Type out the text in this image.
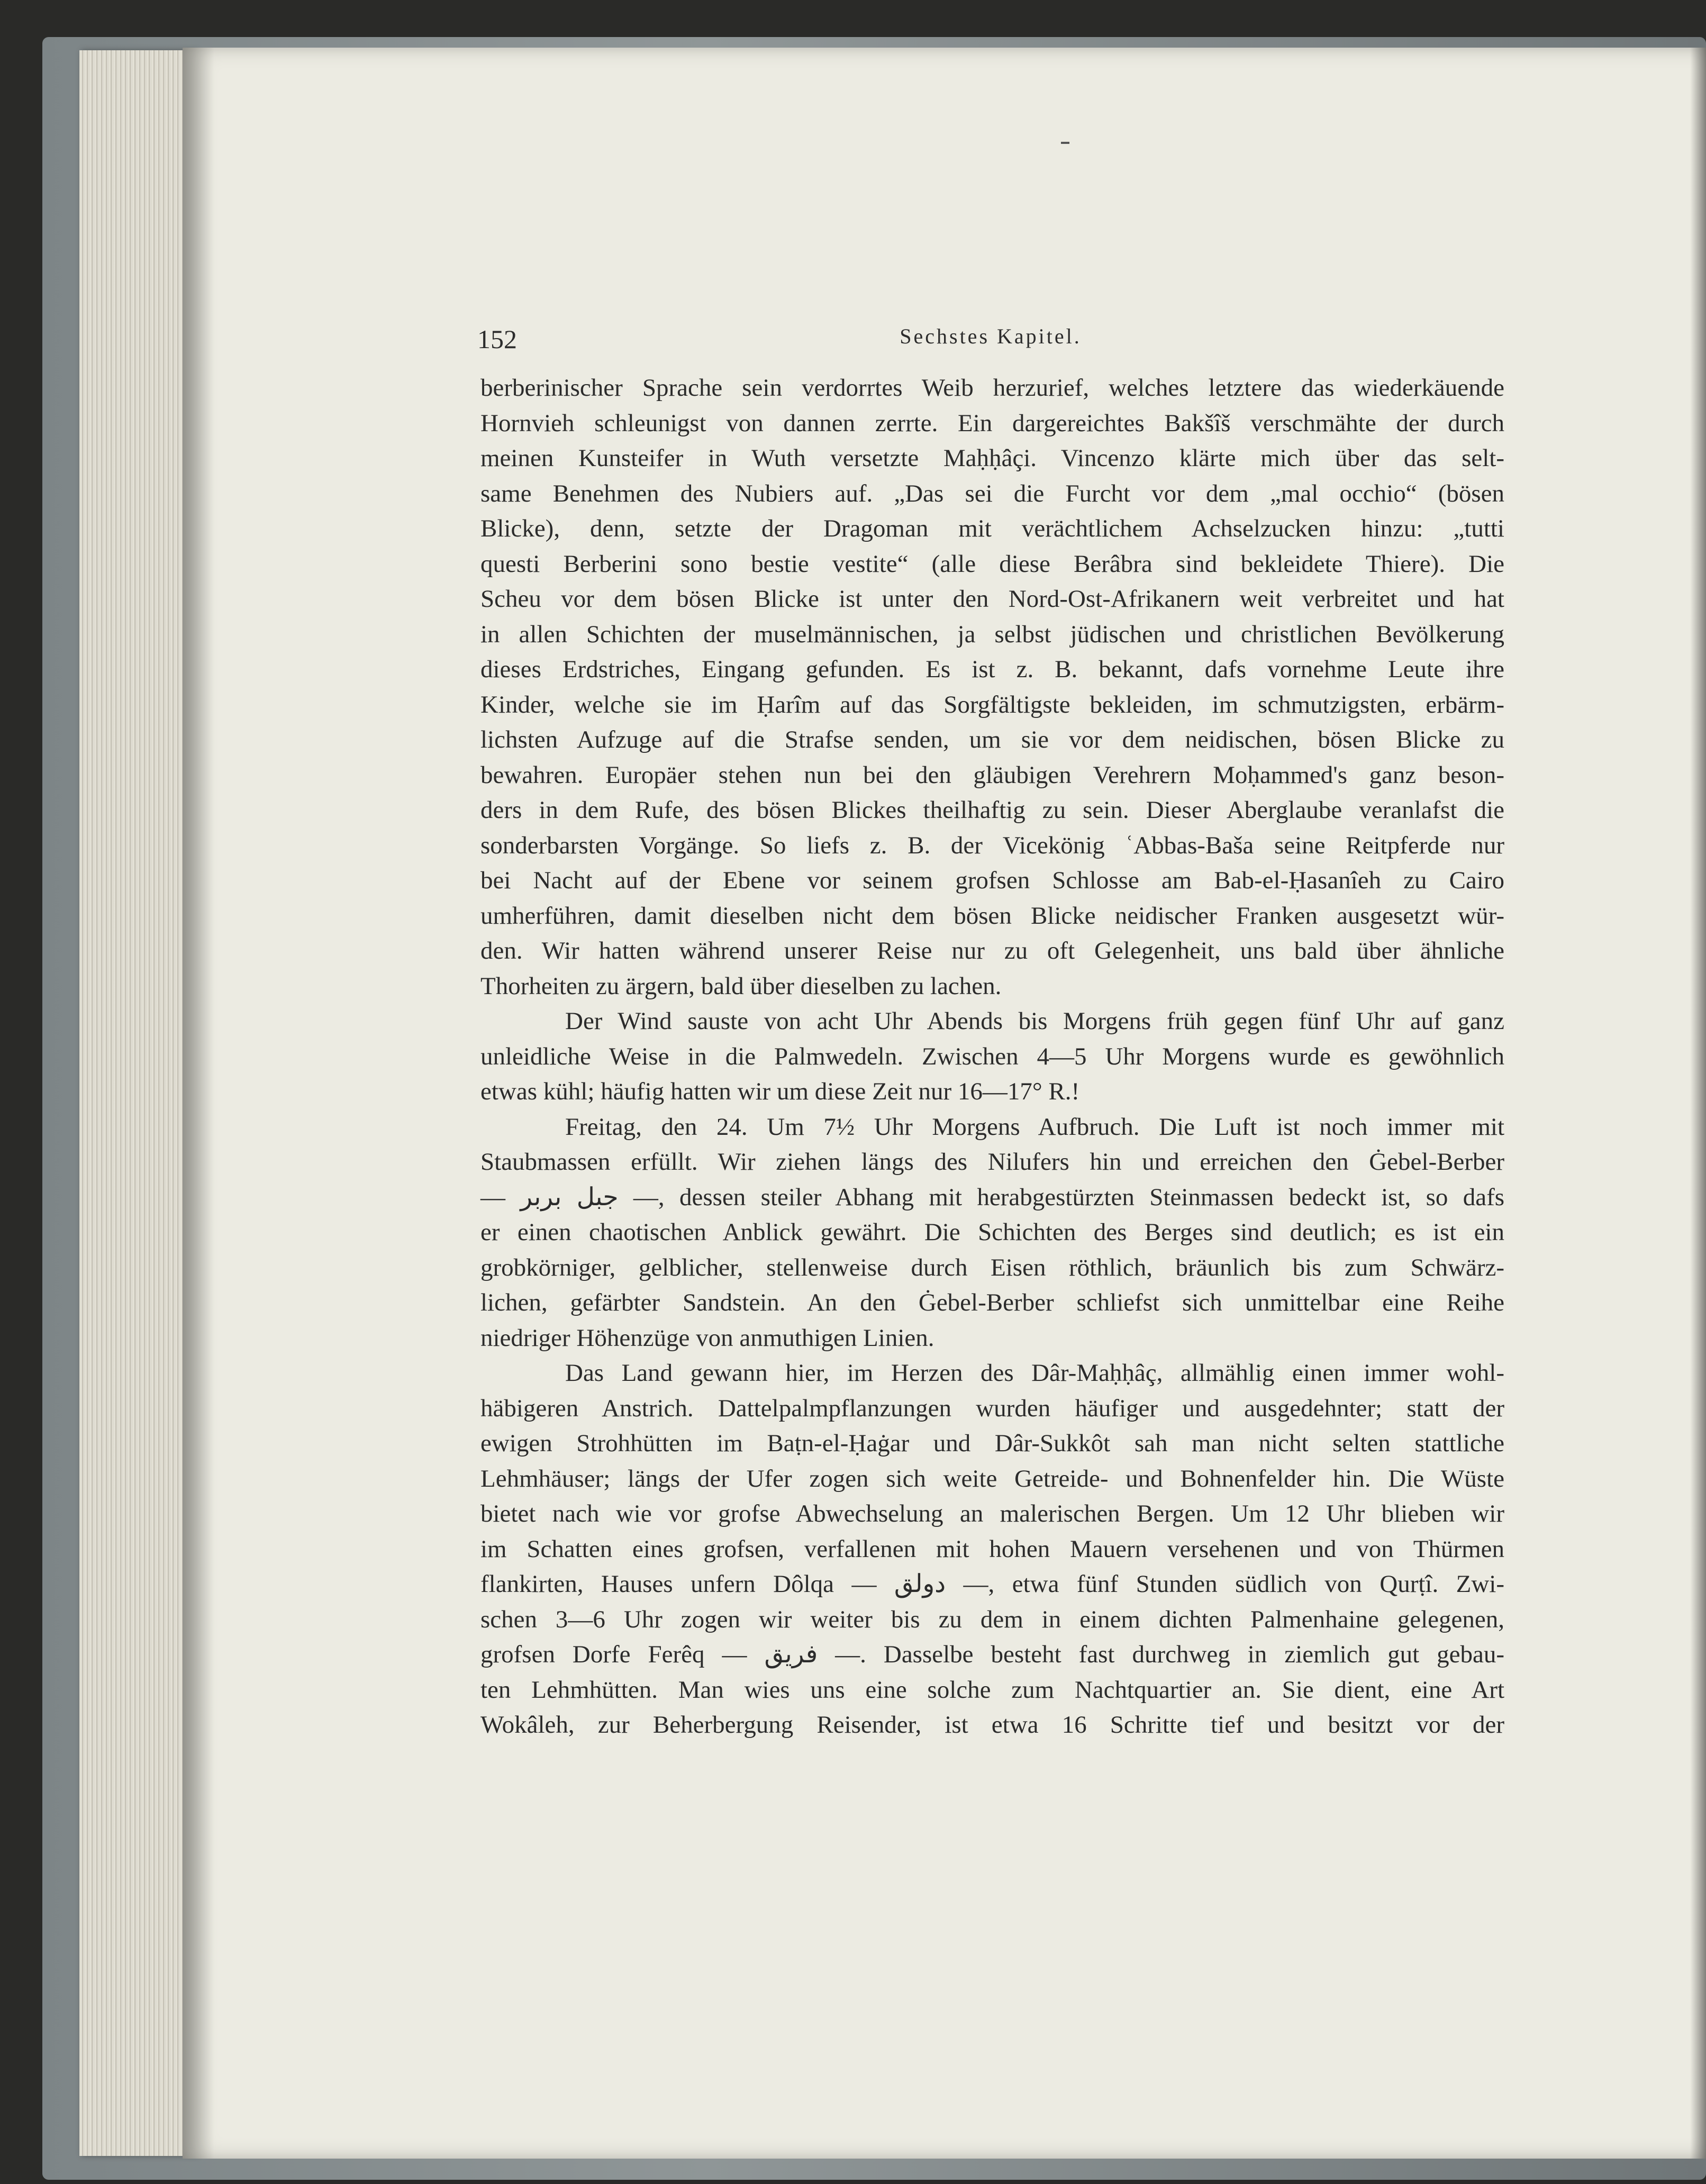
152	Sechstes Kapitel.
berberinischer Sprache sein verdorrtes Weib herzurief, welches letztere das wiederkäuende
Hornvieh schleunigst von dannen zerrte. Ein dargereichtes Bakšîš verschmähte der durch
meinen Kunsteifer in Wuth versetzte Maḥḥâçi. Vincenzo klärte mich über das selt-
same Benehmen des Nubiers auf. „Das sei die Furcht vor dem „mal occhio“ (bösen
Blicke), denn, setzte der Dragoman mit verächtlichem Achselzucken hinzu: „tutti
questi Berberini sono bestie vestite“ (alle diese Berâbra sind bekleidete Thiere). Die
Scheu vor dem bösen Blicke ist unter den Nord-Ost-Afrikanern weit verbreitet und hat
in allen Schichten der muselmännischen, ja selbst jüdischen und christlichen Bevölkerung
dieses Erdstriches, Eingang gefunden. Es ist z. B. bekannt, dafs vornehme Leute ihre
Kinder, welche sie im Ḥarîm auf das Sorgfältigste bekleiden, im schmutzigsten, erbärm-
lichsten Aufzuge auf die Strafse senden, um sie vor dem neidischen, bösen Blicke zu
bewahren. Europäer stehen nun bei den gläubigen Verehrern Moḥammed's ganz beson-
ders in dem Rufe, des bösen Blickes theilhaftig zu sein. Dieser Aberglaube veranlafst die
sonderbarsten Vorgänge. So liefs z. B. der Vicekönig ʿAbbas-Baša seine Reitpferde nur
bei Nacht auf der Ebene vor seinem grofsen Schlosse am Bab-el-Ḥasanîeh zu Cairo
umherführen, damit dieselben nicht dem bösen Blicke neidischer Franken ausgesetzt wür-
den. Wir hatten während unserer Reise nur zu oft Gelegenheit, uns bald über ähnliche
Thorheiten zu ärgern, bald über dieselben zu lachen.
Der Wind sauste von acht Uhr Abends bis Morgens früh gegen fünf Uhr auf ganz
unleidliche Weise in die Palmwedeln. Zwischen 4—5 Uhr Morgens wurde es gewöhnlich
etwas kühl; häufig hatten wir um diese Zeit nur 16—17° R.!
Freitag, den 24. Um 7½ Uhr Morgens Aufbruch. Die Luft ist noch immer mit
Staubmassen erfüllt. Wir ziehen längs des Nilufers hin und erreichen den Ġebel-Berber
— جبل بربر —, dessen steiler Abhang mit herabgestürzten Steinmassen bedeckt ist, so dafs
er einen chaotischen Anblick gewährt. Die Schichten des Berges sind deutlich; es ist ein
grobkörniger, gelblicher, stellenweise durch Eisen röthlich, bräunlich bis zum Schwärz-
lichen, gefärbter Sandstein. An den Ġebel-Berber schliefst sich unmittelbar eine Reihe
niedriger Höhenzüge von anmuthigen Linien.
Das Land gewann hier, im Herzen des Dâr-Maḥḥâç, allmählig einen immer wohl-
häbigeren Anstrich. Dattelpalmpflanzungen wurden häufiger und ausgedehnter; statt der
ewigen Strohhütten im Baṭn-el-Ḥaġar und Dâr-Sukkôt sah man nicht selten stattliche
Lehmhäuser; längs der Ufer zogen sich weite Getreide- und Bohnenfelder hin. Die Wüste
bietet nach wie vor grofse Abwechselung an malerischen Bergen. Um 12 Uhr blieben wir
im Schatten eines grofsen, verfallenen mit hohen Mauern versehenen und von Thürmen
flankirten, Hauses unfern Dôlqa — دولق —, etwa fünf Stunden südlich von Qurṭî. Zwi-
schen 3—6 Uhr zogen wir weiter bis zu dem in einem dichten Palmenhaine gelegenen,
grofsen Dorfe Ferêq — فريق —. Dasselbe besteht fast durchweg in ziemlich gut gebau-
ten Lehmhütten. Man wies uns eine solche zum Nachtquartier an. Sie dient, eine Art
Wokâleh, zur Beherbergung Reisender, ist etwa 16 Schritte tief und besitzt vor der
